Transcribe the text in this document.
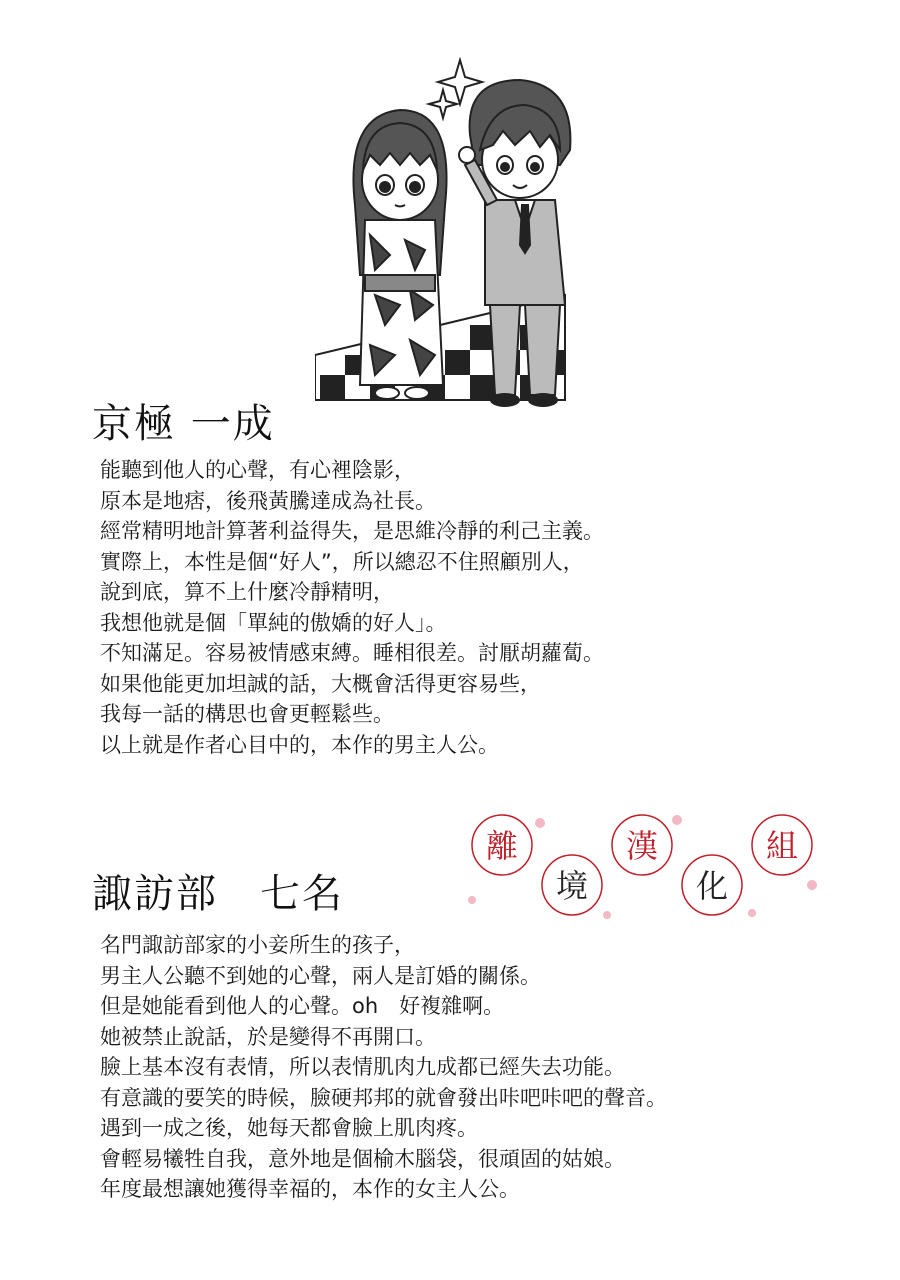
京極 一成
能聽到他人的心聲，有心裡陰影，
原本是地痞，後飛黃騰達成為社長。
經常精明地計算著利益得失，是思維冷靜的利己主義。
實際上，本性是個“好人”，所以總忍不住照顧別人，
說到底，算不上什麼冷靜精明，
我想他就是個「單純的傲嬌的好人」。
不知滿足。容易被情感束縛。睡相很差。討厭胡蘿蔔。
如果他能更加坦誠的話，大概會活得更容易些，
我每一話的構思也會更輕鬆些。
以上就是作者心目中的，本作的男主人公。
離
境
漢
化
組
諏訪部　七名
名門諏訪部家的小妾所生的孩子，
男主人公聽不到她的心聲，兩人是訂婚的關係。
但是她能看到他人的心聲。oh　好複雜啊。
她被禁止說話，於是變得不再開口。
臉上基本沒有表情，所以表情肌肉九成都已經失去功能。
有意識的要笑的時候，臉硬邦邦的就會發出咔吧咔吧的聲音。
遇到一成之後，她每天都會臉上肌肉疼。
會輕易犧牲自我，意外地是個榆木腦袋，很頑固的姑娘。
年度最想讓她獲得幸福的，本作的女主人公。
